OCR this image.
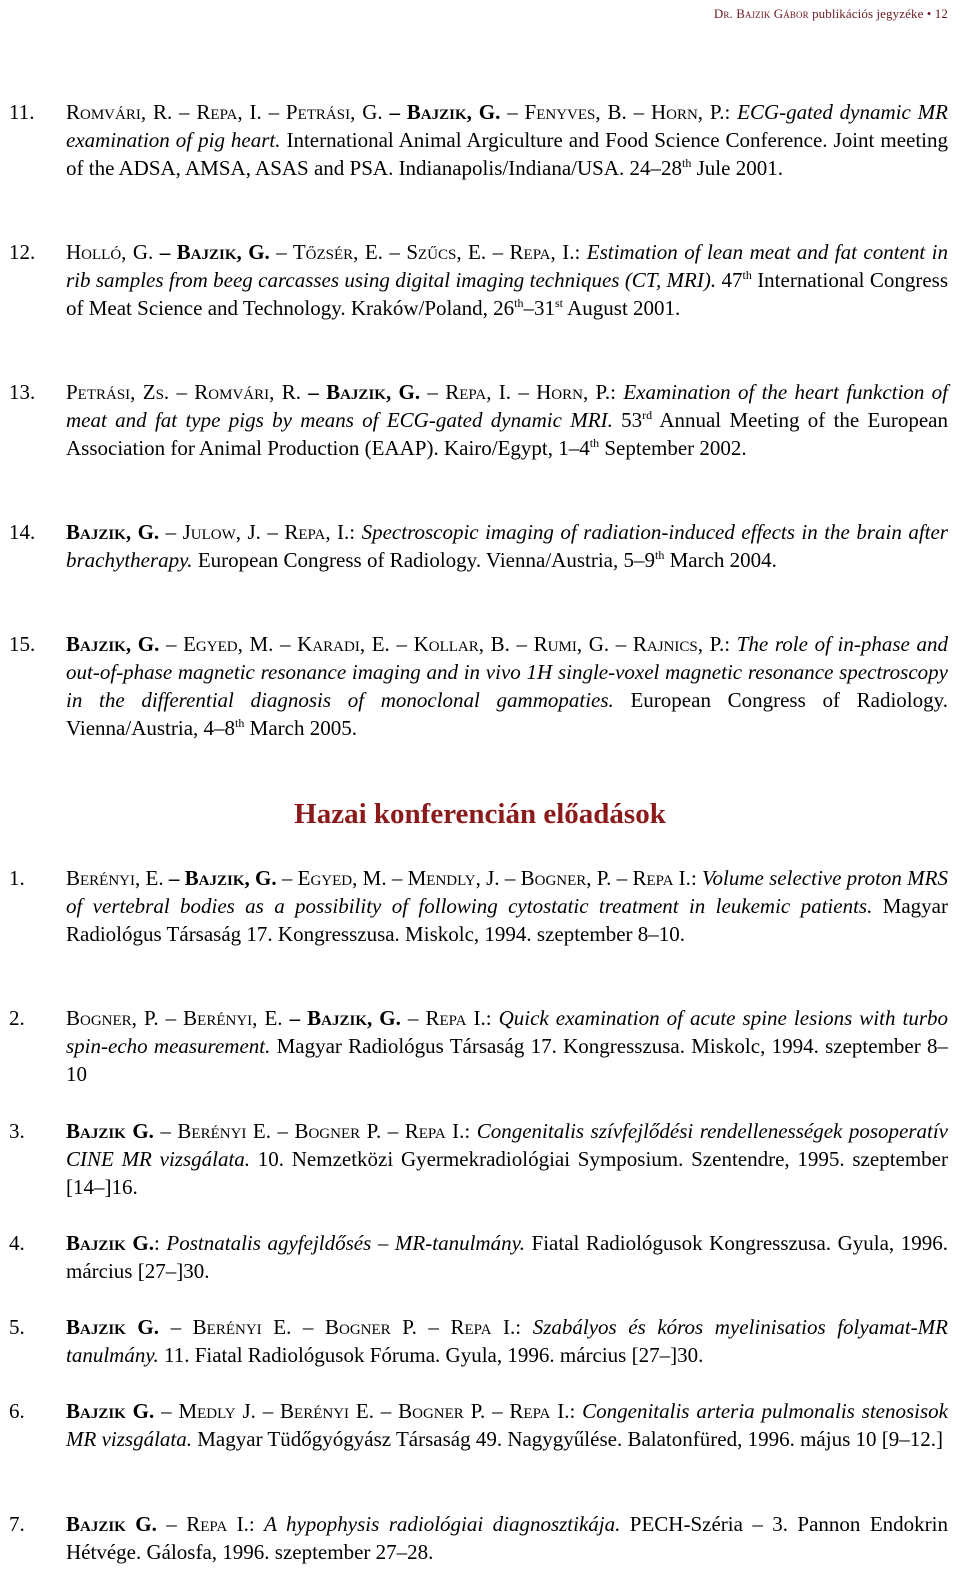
Dr. Bajzik Gábor publikációs jegyzéke • 12
11. Romvári, R. – Repa, I. – Petrási, G. – Bajzik, G. – Fenyves, B. – Horn, P.: ECG-gated dynamic MR examination of pig heart. International Animal Argiculture and Food Science Conference. Joint meeting of the ADSA, AMSA, ASAS and PSA. Indianapolis/Indiana/USA. 24–28th Jule 2001.
12. Holló, G. – Bajzik, G. – Tőzsér, E. – Szűcs, E. – Repa, I.: Estimation of lean meat and fat content in rib samples from beeg carcasses using digital imaging techniques (CT, MRI). 47th International Congress of Meat Science and Technology. Kraków/Poland, 26th–31st August 2001.
13. Petrási, Zs. – Romvári, R. – Bajzik, G. – Repa, I. – Horn, P.: Examination of the heart funkction of meat and fat type pigs by means of ECG-gated dynamic MRI. 53rd Annual Meeting of the European Association for Animal Production (EAAP). Kairo/Egypt, 1–4th September 2002.
14. Bajzik, G. – Julow, J. – Repa, I.: Spectroscopic imaging of radiation-induced effects in the brain after brachytherapy. European Congress of Radiology. Vienna/Austria, 5–9th March 2004.
15. Bajzik, G. – Egyed, M. – Karadi, E. – Kollar, B. – Rumi, G. – Rajnics, P.: The role of in-phase and out-of-phase magnetic resonance imaging and in vivo 1H single-voxel magnetic resonance spectroscopy in the differential diagnosis of monoclonal gammopaties. European Congress of Radiology. Vienna/Austria, 4–8th March 2005.
Hazai konferencián előadások
1. Berényi, E. – Bajzik, G. – Egyed, M. – Mendly, J. – Bogner, P. – Repa I.: Volume selective proton MRS of vertebral bodies as a possibility of following cytostatic treatment in leukemic patients. Magyar Radiológus Társaság 17. Kongresszusa. Miskolc, 1994. szeptember 8–10.
2. Bogner, P. – Berényi, E. – Bajzik, G. – Repa I.: Quick examination of acute spine lesions with turbo spin-echo measurement. Magyar Radiológus Társaság 17. Kongresszusa. Miskolc, 1994. szeptember 8–10
3. Bajzik G. – Berényi E. – Bogner P. – Repa I.: Congenitalis szívfejlődési rendellenességek posoperatív CINE MR vizsgálata. 10. Nemzetközi Gyermekradiológiai Symposium. Szentendre, 1995. szeptember [14–]16.
4. Bajzik G.: Postnatalis agyfejldősés – MR-tanulmány. Fiatal Radiológusok Kongresszusa. Gyula, 1996. március [27–]30.
5. Bajzik G. – Berényi E. – Bogner P. – Repa I.: Szabályos és kóros myelinisatios folyamat-MR tanulmány. 11. Fiatal Radiológusok Fóruma. Gyula, 1996. március [27–]30.
6. Bajzik G. – Medly J. – Berényi E. – Bogner P. – Repa I.: Congenitalis arteria pulmonalis stenosisok MR vizsgálata. Magyar Tüdőgyógyász Társaság 49. Nagygyűlése. Balatonfüred, 1996. május 10 [9–12.]
7. Bajzik G. – Repa I.: A hypophysis radiológiai diagnosztikája. PECH-Széria – 3. Pannon Endokrin Hétvége. Gálosfa, 1996. szeptember 27–28.
